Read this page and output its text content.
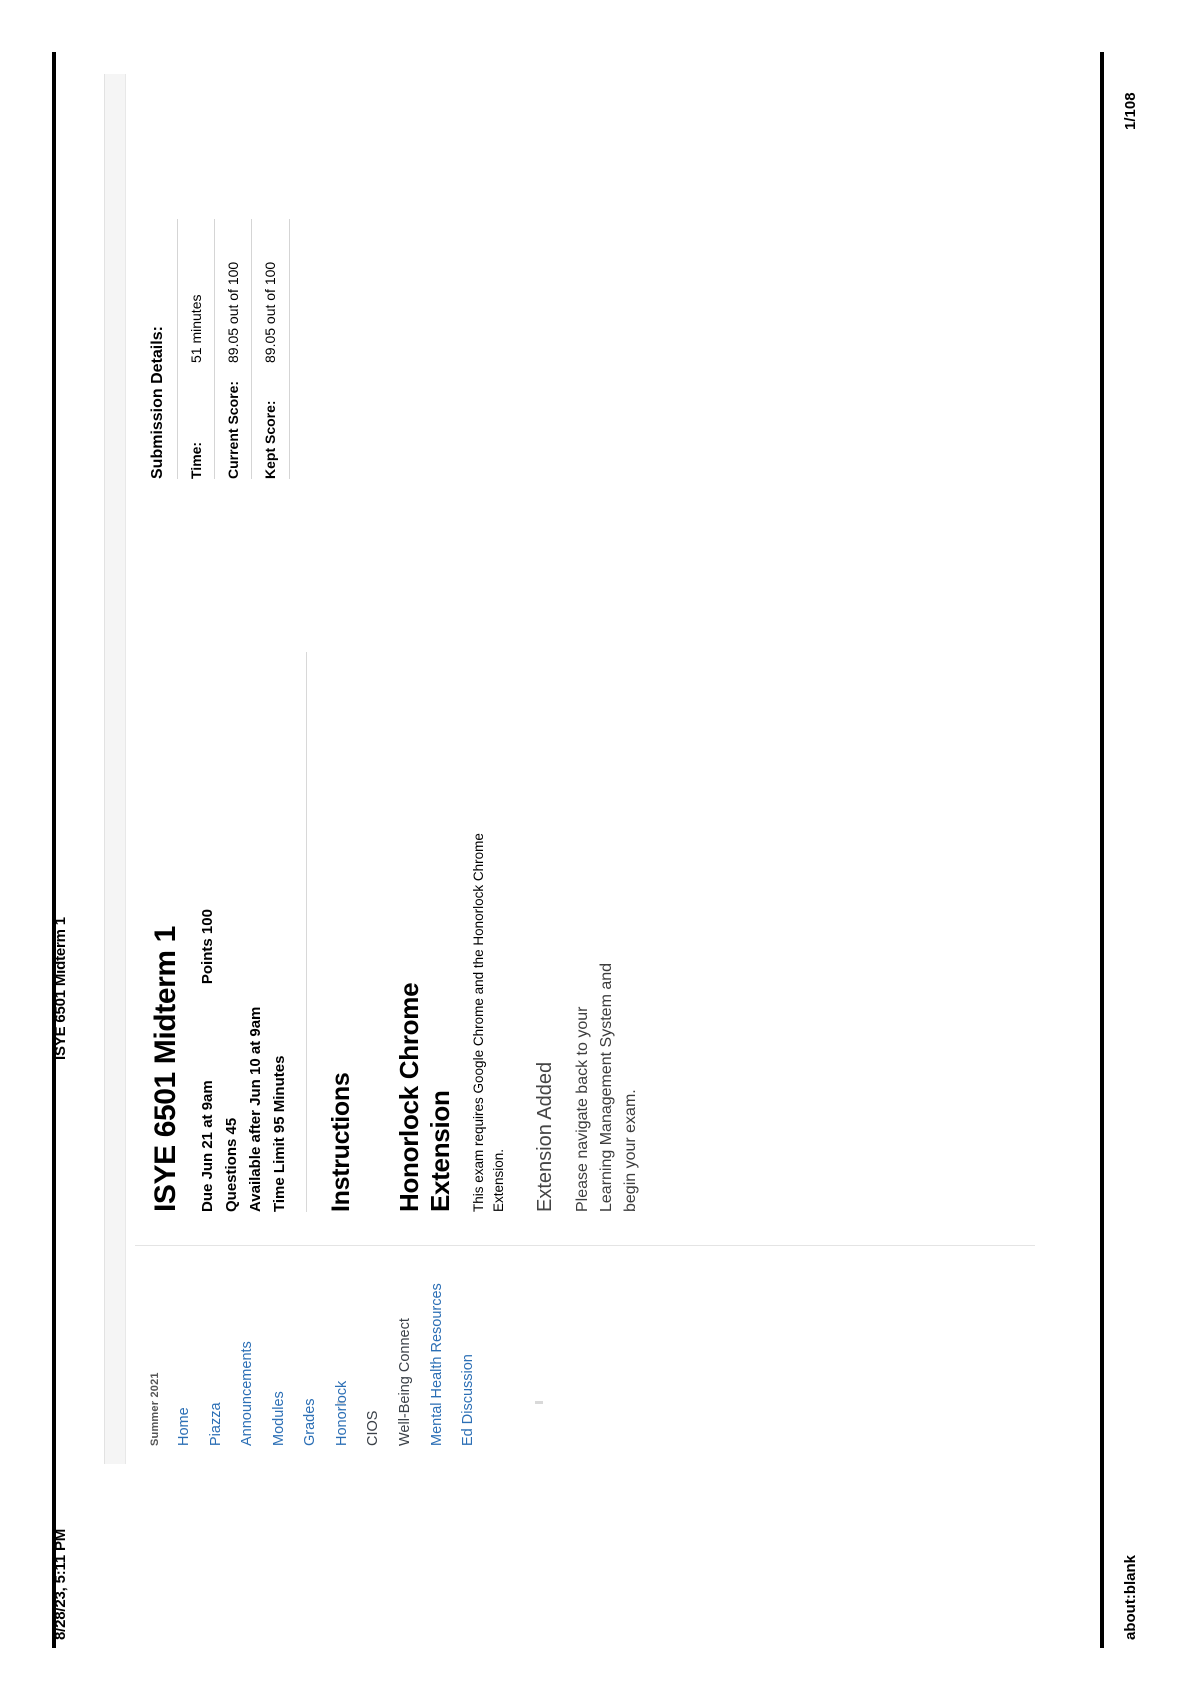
8/28/23, 5:11 PM
ISYE 6501 Midterm 1
about:blank
1/108
Summer 2021 Home Piazza Announcements Modules Grades Honorlock CIOS Well-Being Connect Mental Health Resources Ed Discussion
ISYE 6501 Midterm 1 Due Jun 21 at 9am Points 100
Questions 45 Available after Jun 10 at 9am Time Limit 95 Minutes Instructions Honorlock Chrome Extension This exam requires Google Chrome and the Honorlock Chrome Extension. Extension Added Please navigate back to your Learning Management System and begin your exam.

Submission Details: Time:	51 minutes
Current Score:	89.05 out of 100
Kept Score:	89.05 out of 100
